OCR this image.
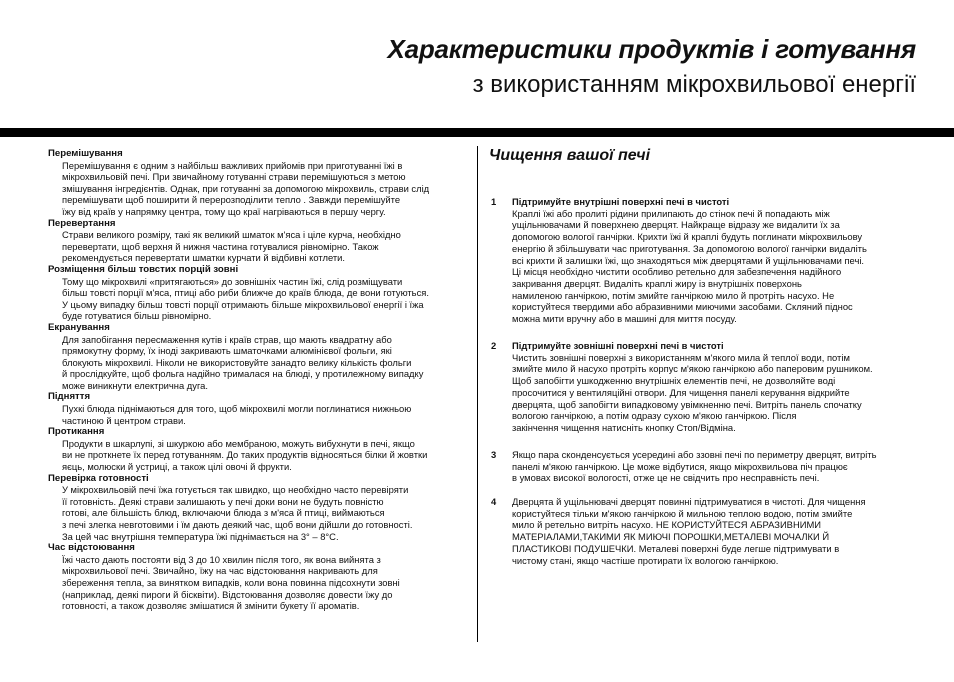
Характеристики продуктів і готування
з використанням мікрохвильової енергії
Перемішування

Перемішування є одним з найбільш важливих прийомів при приготуванні їжі в

мікрохвильовій печі. При звичайному готуванні страви перемішуються з метою

змішування інгредієнтів. Однак, при готуванні за допомогою мікрохвиль, страви слід

перемішувати щоб поширити й перерозподілити тепло . Завжди перемішуйте

їжу від країв у напрямку центра, тому що краї нагріваються в першу чергу.

Перевертання

Страви великого розміру, такі як великий шматок м'яса і ціле курча, необхідно

перевертати, щоб верхня й нижня частина готувалися рівномірно. Також

рекомендується перевертати шматки курчати й відбивні котлети.

Розміщення більш товстих порцій зовні

Тому що мікрохвилі «притягаються» до зовнішніх частин їжі, слід розміщувати

більш товсті порції м'яса, птиці або риби ближче до країв блюда, де вони готуються.

У цьому випадку більш товсті порції отримають більше мікрохвильової енергії і їжа

буде готуватися більш рівномірно.

Екранування

Для запобігання пересмаження кутів і країв страв, що мають квадратну або

прямокутну форму, їх іноді закривають шматочками алюмінієвої фольги, які

блокують мікрохвилі. Ніколи не використовуйте занадто велику кількість фольги

й прослідкуйте, щоб фольга надійно трималася на блюді, у протилежному випадку

може виникнути електрична дуга.

Підняття

Пухкі блюда піднімаються для того, щоб мікрохвилі могли поглинатися нижньою

частиною й центром страви.

Протикання

Продукти в шкарлупі, зі шкуркою або мембраною, можуть вибухнути в печі, якщо

ви не проткнете їх перед готуванням. До таких продуктів відносяться білки й жовтки

яєць, молюски й устриці, а також цілі овочі й фрукти.

Перевірка готовності

У мікрохвильовій печі їжа готується так швидко, що необхідно часто перевіряти

її готовність. Деякі страви залишають у печі доки вони не будуть повністю

готові, але більшість блюд, включаючи блюда з м'яса й птиці, виймаються

з печі злегка невготовими і їм дають деякий час, щоб вони дійшли до готовності.

За цей час внутрішня температура їжі піднімається на 3° – 8°C.

Час відстоювання

Їжі часто дають постояти від 3 до 10 хвилин після того, як вона вийнята з

мікрохвильової печі. Звичайно, їжу на час відстоювання накривають для

збереження тепла, за винятком випадків, коли вона повинна підсохнути зовні

(наприклад, деякі пироги й бісквіти). Відстоювання дозволяє довести їжу до

готовності, а також дозволяє змішатися й змінити букету її ароматів.

Чищення вашої печі
1 Підтримуйте внутрішні поверхні печі в чистоті
Краплі їжі або пролиті рідини прилипають до стінок печі й попадають між
ущільнювачами й поверхнею дверцят. Найкраще відразу же видалити їх за
допомогою вологої ганчірки. Крихти їжі й краплі будуть поглинати мікрохвильову
енергію й збільшувати час приготування. За допомогою вологої ганчірки видаліть
всі крихти й залишки їжі, що знаходяться між дверцятами й ущільнювачами печі.
Ці місця необхідно чистити особливо ретельно для забезпечення надійного
закривання дверцят. Видаліть краплі жиру із внутрішніх поверхонь
намиленою ганчіркою, потім змийте ганчіркою мило й протріть насухо. Не
користуйтеся твердими або абразивними миючими засобами. Скляний піднос
можна мити вручну або в машині для миття посуду.
2 Підтримуйте зовнішні поверхні печі в чистоті
Чистить зовнішні поверхні з використанням м'якого мила й теплої води, потім
змийте мило й насухо протріть корпус м'якою ганчіркою або паперовим рушником.
Щоб запобігти ушкодженню внутрішніх елементів печі, не дозволяйте воді
просочитися у вентиляційні отвори. Для чищення панелі керування відкрийте
дверцята, щоб запобігти випадковому увімкненню печі. Витріть панель спочатку
вологою ганчіркою, а потім одразу сухою м'якою ганчіркою. Після
закінчення чищення натисніть кнопку Стоп/Відміна.
3 Якщо пара сконденсується усередині або ззовні печі по периметру дверцят, витріть
панелі м'якою ганчіркою. Це може відбутися, якщо мікрохвильова піч працює
в умовах високої вологості, отже це не свідчить про несправність печі.
4 Дверцята й ущільнювачі дверцят повинні підтримуватися в чистоті. Для чищення
користуйтеся тільки м'якою ганчіркою й мильною теплою водою, потім змийте
мило й ретельно витріть насухо. НЕ КОРИСТУЙТЕСЯ АБРАЗИВНИМИ
МАТЕРІАЛАМИ,ТАКИМИ ЯК МИЮЧІ ПОРОШКИ,МЕТАЛЕВІ МОЧАЛКИ Й
ПЛАСТИКОВІ ПОДУШЕЧКИ. Металеві поверхні буде легше підтримувати в
чистому стані, якщо частіше протирати їх вологою ганчіркою.
